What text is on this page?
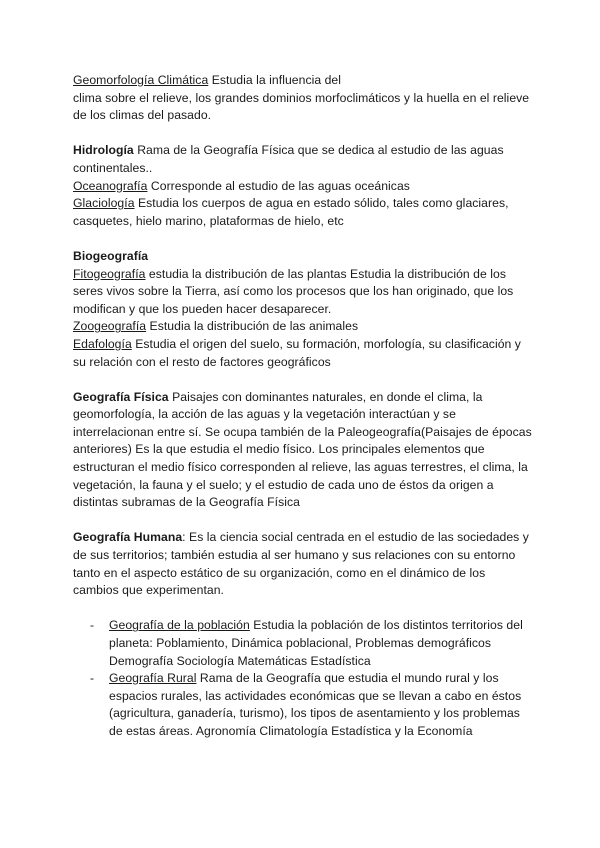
Geomorfología Climática Estudia la influencia del

clima sobre el relieve, los grandes dominios morfoclimáticos y la huella en el relieve de los climas del pasado.

Hidrología Rama de la Geografía Física que se dedica al estudio de las aguas continentales..

Oceanografía Corresponde al estudio de las aguas oceánicas

Glaciología Estudia los cuerpos de agua en estado sólido, tales como glaciares, casquetes, hielo marino, plataformas de hielo, etc

Biogeografía

Fitogeografía estudia la distribución de las plantas Estudia la distribución de los seres vivos sobre la Tierra, así como los procesos que los han originado, que los modifican y que los pueden hacer desaparecer.

Zoogeografía Estudia la distribución de las animales

Edafología Estudia el origen del suelo, su formación, morfología, su clasificación y su relación con el resto de factores geográficos

Geografía Física Paisajes con dominantes naturales, en donde el clima, la geomorfología, la acción de las aguas y la vegetación interactúan y se interrelacionan entre sí. Se ocupa también de la Paleogeografía(Paisajes de épocas anteriores) Es la que estudia el medio físico. Los principales elementos que estructuran el medio físico corresponden al relieve, las aguas terrestres, el clima, la vegetación, la fauna y el suelo; y el estudio de cada uno de éstos da origen a distintas subramas de la Geografía Física

Geografía Humana: Es la ciencia social centrada en el estudio de las sociedades y de sus territorios; también estudia al ser humano y sus relaciones con su entorno tanto en el aspecto estático de su organización, como en el dinámico de los cambios que experimentan.

- Geografía de la población Estudia la población de los distintos territorios del planeta: Poblamiento, Dinámica poblacional, Problemas demográficos Demografía Sociología Matemáticas Estadística
- Geografía Rural Rama de la Geografía que estudia el mundo rural y los espacios rurales, las actividades económicas que se llevan a cabo en éstos (agricultura, ganadería, turismo), los tipos de asentamiento y los problemas de estas áreas. Agronomía Climatología Estadística y la Economía
